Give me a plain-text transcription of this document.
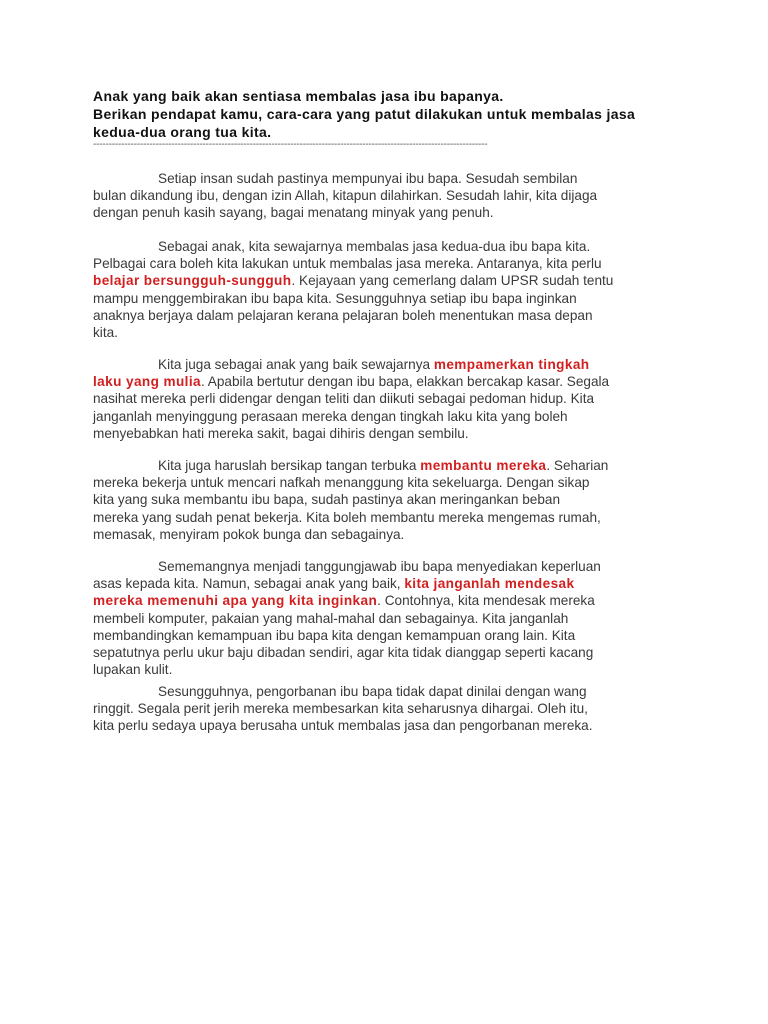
Anak yang baik akan sentiasa membalas jasa ibu bapanya.
Berikan pendapat kamu, cara-cara yang patut dilakukan untuk membalas jasa
kedua-dua orang tua kita.
------------------------------------------------------------------------------------------------------------------------------
Setiap insan sudah pastinya mempunyai ibu bapa. Sesudah sembilan
bulan dikandung ibu, dengan izin Allah, kitapun dilahirkan. Sesudah lahir, kita dijaga
dengan penuh kasih sayang, bagai menatang minyak yang penuh.
Sebagai anak, kita sewajarnya membalas jasa kedua-dua ibu bapa kita.
Pelbagai cara boleh kita lakukan untuk membalas jasa mereka. Antaranya, kita perlu
belajar bersungguh-sungguh. Kejayaan yang cemerlang dalam UPSR sudah tentu
mampu menggembirakan ibu bapa kita. Sesungguhnya setiap ibu bapa inginkan
anaknya berjaya dalam pelajaran kerana pelajaran boleh menentukan masa depan
kita.
Kita juga sebagai anak yang baik sewajarnya mempamerkan tingkah
laku yang mulia. Apabila bertutur dengan ibu bapa, elakkan bercakap kasar. Segala
nasihat mereka perli didengar dengan teliti dan diikuti sebagai pedoman hidup. Kita
janganlah menyinggung perasaan mereka dengan tingkah laku kita yang boleh
menyebabkan hati mereka sakit, bagai dihiris dengan sembilu.
Kita juga haruslah bersikap tangan terbuka membantu mereka. Seharian
mereka bekerja untuk mencari nafkah menanggung kita sekeluarga. Dengan sikap
kita yang suka membantu ibu bapa, sudah pastinya akan meringankan beban
mereka yang sudah penat bekerja. Kita boleh membantu mereka mengemas rumah,
memasak, menyiram pokok bunga dan sebagainya.
Sememangnya menjadi tanggungjawab ibu bapa menyediakan keperluan
asas kepada kita. Namun, sebagai anak yang baik, kita janganlah mendesak
mereka memenuhi apa yang kita inginkan. Contohnya, kita mendesak mereka
membeli komputer, pakaian yang mahal-mahal dan sebagainya. Kita janganlah
membandingkan kemampuan ibu bapa kita dengan kemampuan orang lain. Kita
sepatutnya perlu ukur baju dibadan sendiri, agar kita tidak dianggap seperti kacang
lupakan kulit.
Sesungguhnya, pengorbanan ibu bapa tidak dapat dinilai dengan wang
ringgit. Segala perit jerih mereka membesarkan kita seharusnya dihargai. Oleh itu,
kita perlu sedaya upaya berusaha untuk membalas jasa dan pengorbanan mereka.
